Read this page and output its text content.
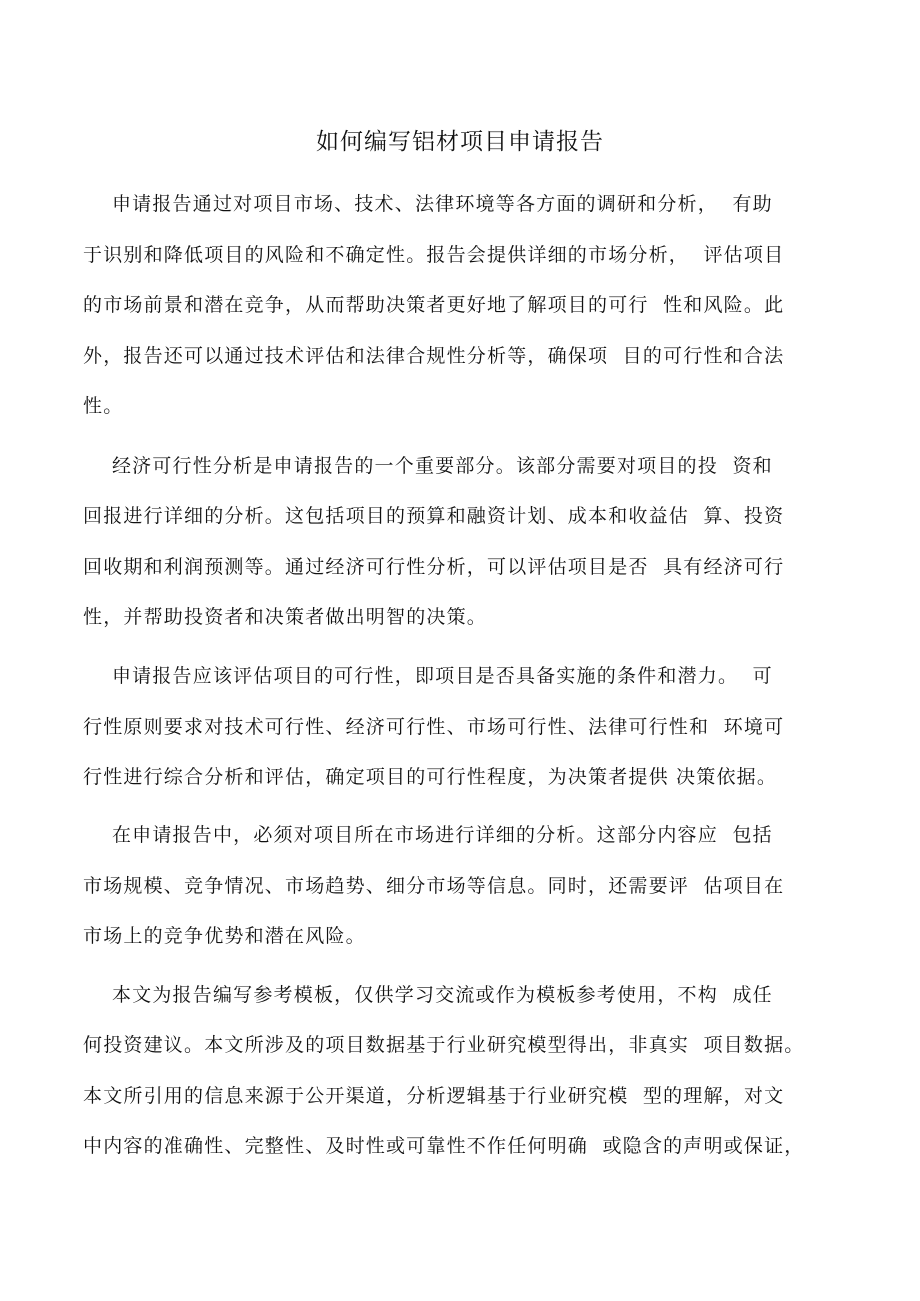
如何编写铝材项目申请报告
申请报告通过对项目市场、技术、法律环境等各方面的调研和分析，  有助
于识别和降低项目的风险和不确定性。报告会提供详细的市场分析，  评估项目
的市场前景和潜在竞争，从而帮助决策者更好地了解项目的可行  性和风险。此
外，报告还可以通过技术评估和法律合规性分析等，确保项  目的可行性和合法
性。
经济可行性分析是申请报告的一个重要部分。该部分需要对项目的投  资和
回报进行详细的分析。这包括项目的预算和融资计划、成本和收益估  算、投资
回收期和利润预测等。通过经济可行性分析，可以评估项目是否  具有经济可行
性，并帮助投资者和决策者做出明智的决策。
申请报告应该评估项目的可行性，即项目是否具备实施的条件和潜力。  可
行性原则要求对技术可行性、经济可行性、市场可行性、法律可行性和  环境可
行性进行综合分析和评估，确定项目的可行性程度，为决策者提供 决策依据。
在申请报告中，必须对项目所在市场进行详细的分析。这部分内容应  包括
市场规模、竞争情况、市场趋势、细分市场等信息。同时，还需要评  估项目在
市场上的竞争优势和潜在风险。
本文为报告编写参考模板，仅供学习交流或作为模板参考使用，不构  成任
何投资建议。本文所涉及的项目数据基于行业研究模型得出，非真实  项目数据。
本文所引用的信息来源于公开渠道，分析逻辑基于行业研究模  型的理解，对文
中内容的准确性、完整性、及时性或可靠性不作任何明确  或隐含的声明或保证，
